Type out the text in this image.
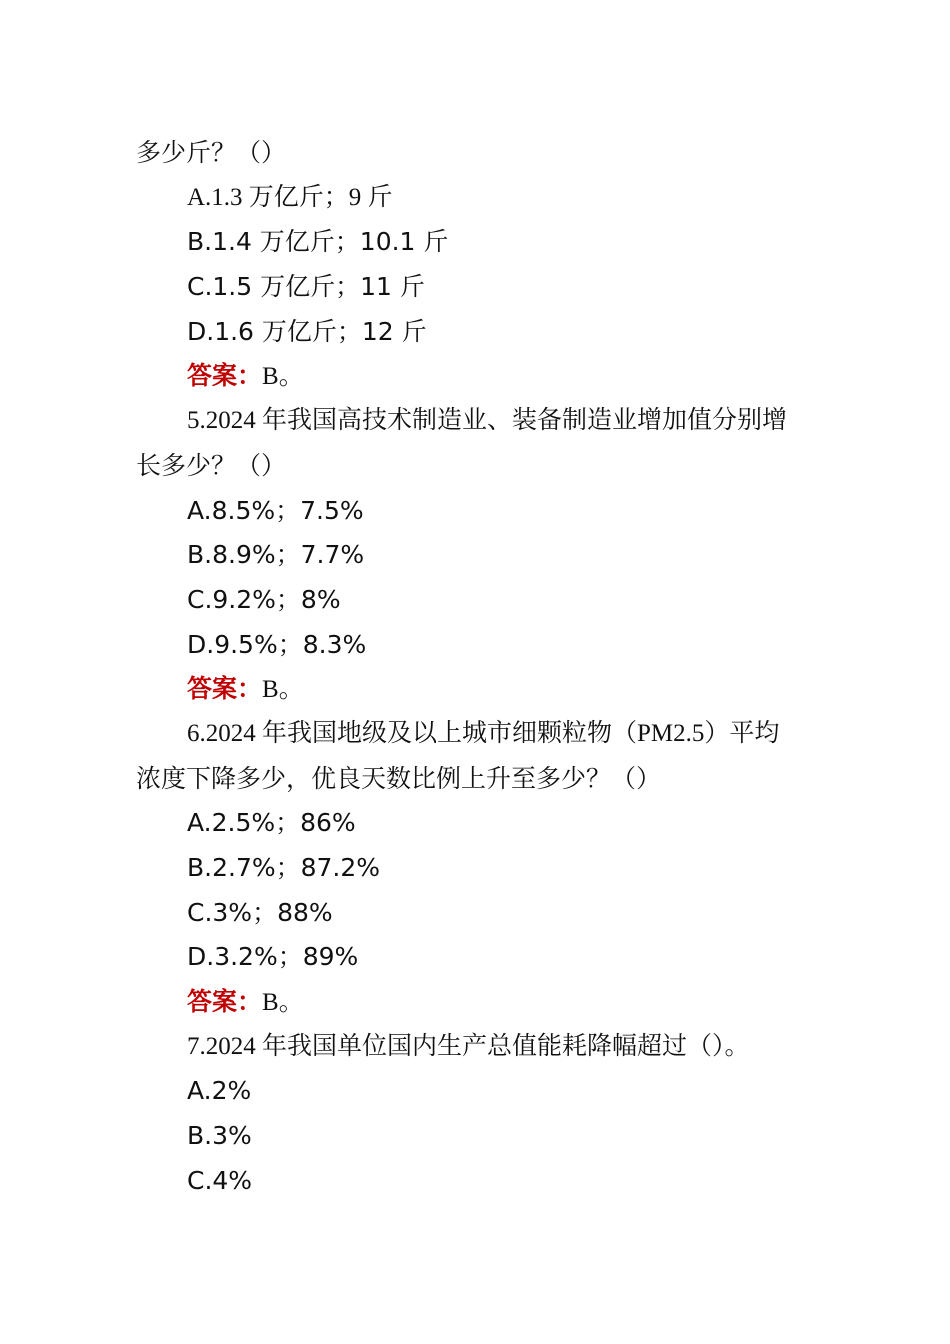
多少斤？（）
A.1.3 万亿斤；9 斤
B.1.4 万亿斤；10.1 斤
C.1.5 万亿斤；11 斤
D.1.6 万亿斤；12 斤
答案：B。
5.2024 年我国高技术制造业、装备制造业增加值分别增
长多少？（）
A.8.5%；7.5%
B.8.9%；7.7%
C.9.2%；8%
D.9.5%；8.3%
答案：B。
6.2024 年我国地级及以上城市细颗粒物（PM2.5）平均
浓度下降多少，优良天数比例上升至多少？（）
A.2.5%；86%
B.2.7%；87.2%
C.3%；88%
D.3.2%；89%
答案：B。
7.2024 年我国单位国内生产总值能耗降幅超过（）。
A.2%
B.3%
C.4%
